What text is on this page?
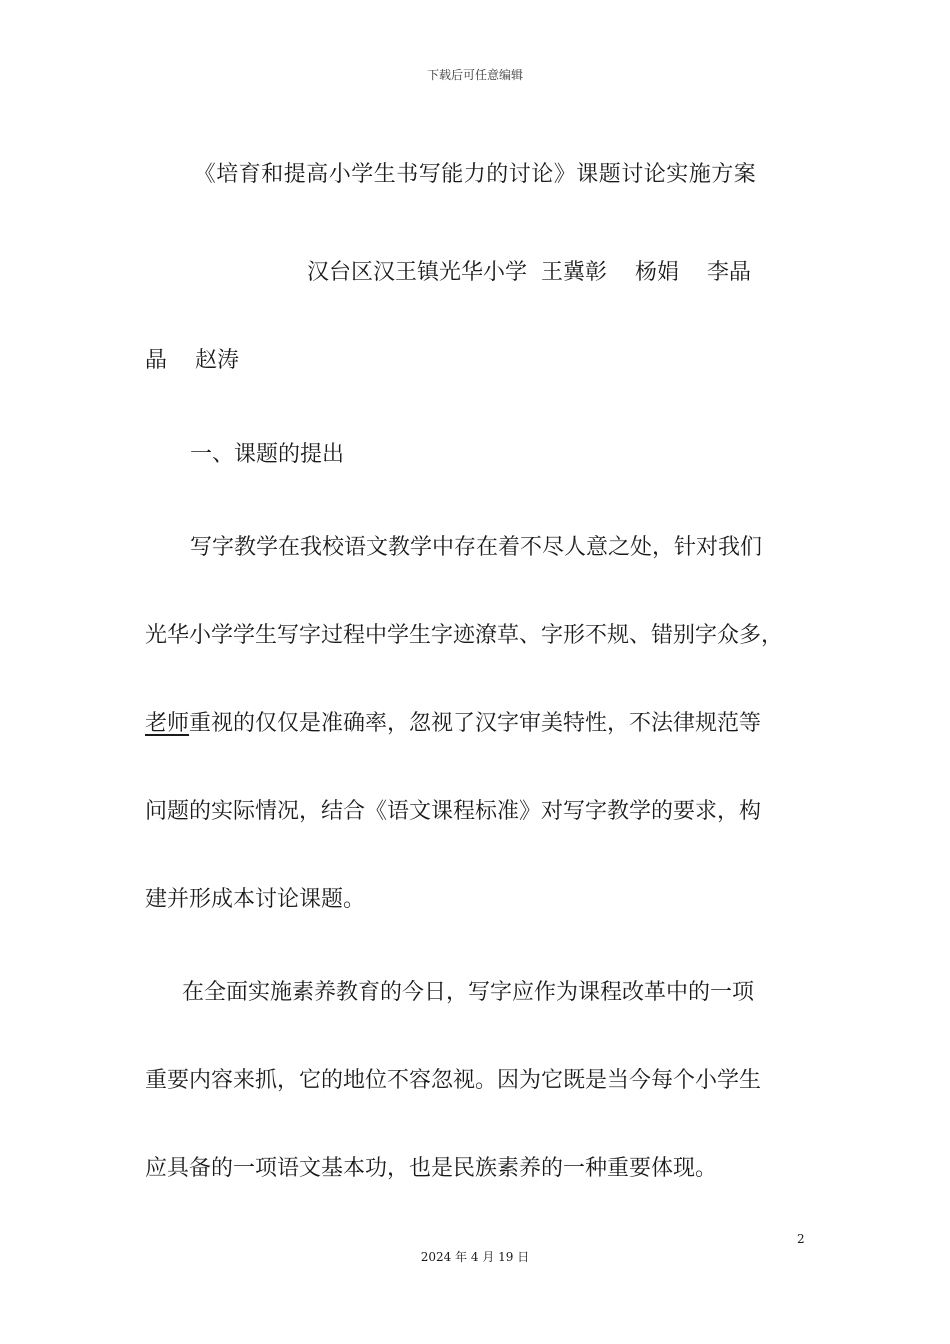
下载后可任意编辑
《培育和提高小学生书写能力的讨论》课题讨论实施方案
汉台区汉王镇光华小学 王冀彰 杨娟 李晶
晶 赵涛
一、课题的提出
写字教学在我校语文教学中存在着不尽人意之处，针对我们
光华小学学生写字过程中学生字迹潦草、字形不规、错别字众多，
老师重视的仅仅是准确率，忽视了汉字审美特性，不法律规范等
问题的实际情况，结合《语文课程标准》对写字教学的要求，构
建并形成本讨论课题。
在全面实施素养教育的今日，写字应作为课程改革中的一项
重要内容来抓，它的地位不容忽视。因为它既是当今每个小学生
应具备的一项语文基本功，也是民族素养的一种重要体现。
2
2024 年 4 月 19 日
